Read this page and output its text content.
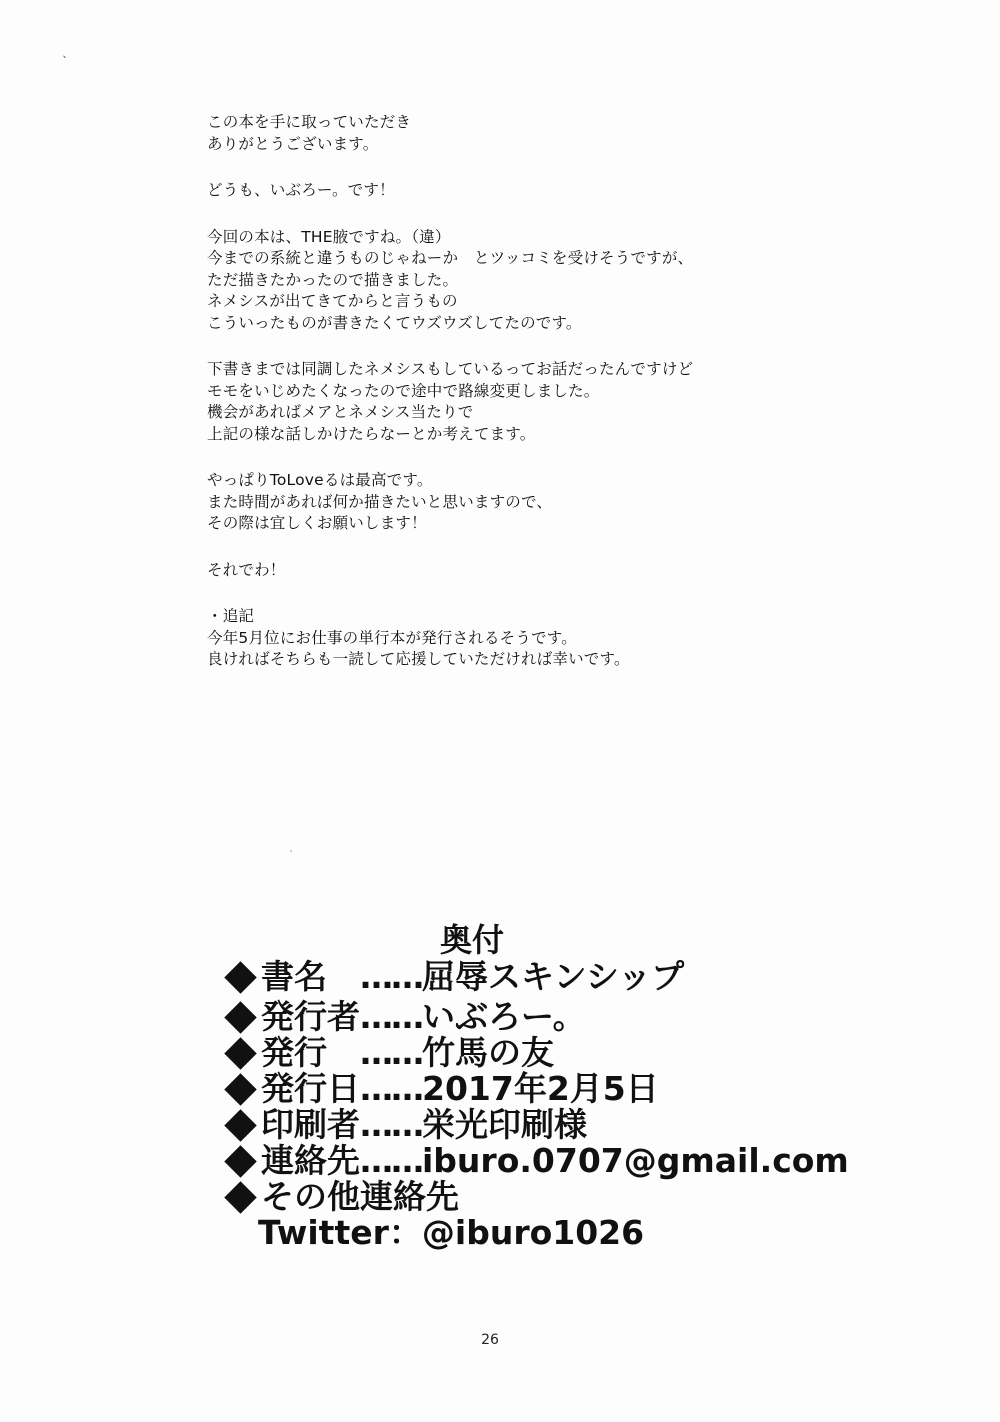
ˎ
この本を手に取っていただき
ありがとうございます。
どうも、いぶろー。です！
今回の本は、THE腋ですね。（違）
今までの系統と違うものじゃねーか　とツッコミを受けそうですが、
ただ描きたかったので描きました。
ネメシスが出てきてからと言うもの
こういったものが書きたくてウズウズしてたのです。
下書きまでは同調したネメシスもしているってお話だったんですけど
モモをいじめたくなったので途中で路線変更しました。
機会があればメアとネメシス当たりで
上記の様な話しかけたらなーとか考えてます。
やっぱりToLoveるは最高です。
また時間があれば何か描きたいと思いますので、
その際は宜しくお願いします！
それでわ！
・追記
今年5月位にお仕事の単行本が発行されるそうです。
良ければそちらも一読して応援していただければ幸いです。
奥付
書名　 …… 屈辱スキンシップ
発行者 …… いぶろー。
発行　 …… 竹馬の友
発行日 …… 2017年2月5日
印刷者 …… 栄光印刷様
連絡先 …… iburo.0707@gmail.com
その他連絡先
Twitter：@iburo1026
26
